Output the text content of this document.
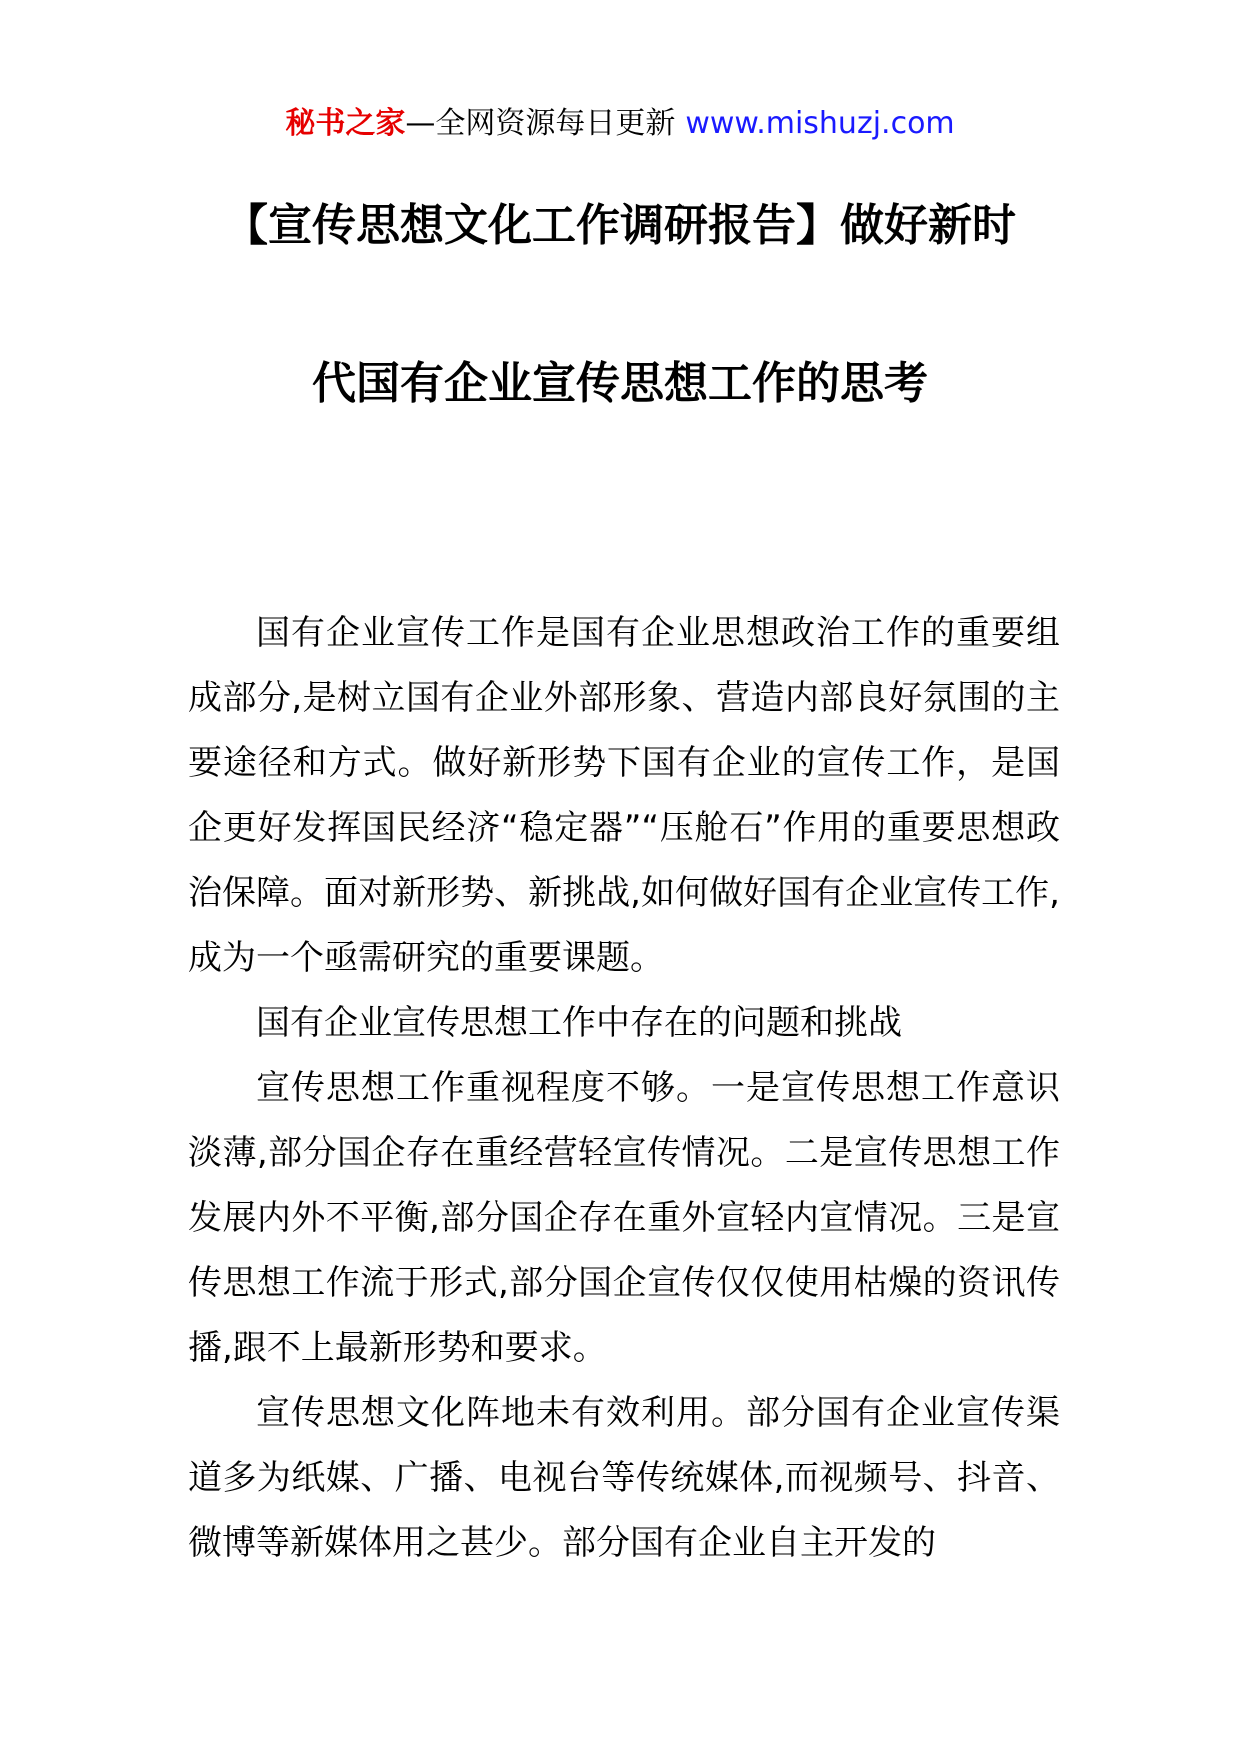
秘书之家—全网资源每日更新 www.mishuzj.com
【宣传思想文化工作调研报告】做好新时
代国有企业宣传思想工作的思考

国有企业宣传工作是国有企业思想政治工作的重要组成部分,是树立国有企业外部形象、营造内部良好氛围的主要途径和方式。做好新形势下国有企业的宣传工作，是国企更好发挥国民经济“稳定器”“压舱石”作用的重要思想政治保障。面对新形势、新挑战,如何做好国有企业宣传工作,成为一个亟需研究的重要课题。

国有企业宣传思想工作中存在的问题和挑战

宣传思想工作重视程度不够。一是宣传思想工作意识淡薄,部分国企存在重经营轻宣传情况。二是宣传思想工作发展内外不平衡,部分国企存在重外宣轻内宣情况。三是宣传思想工作流于形式,部分国企宣传仅仅使用枯燥的资讯传播,跟不上最新形势和要求。

宣传思想文化阵地未有效利用。部分国有企业宣传渠道多为纸媒、广播、电视台等传统媒体,而视频号、抖音、微博等新媒体用之甚少。部分国有企业自主开发的
